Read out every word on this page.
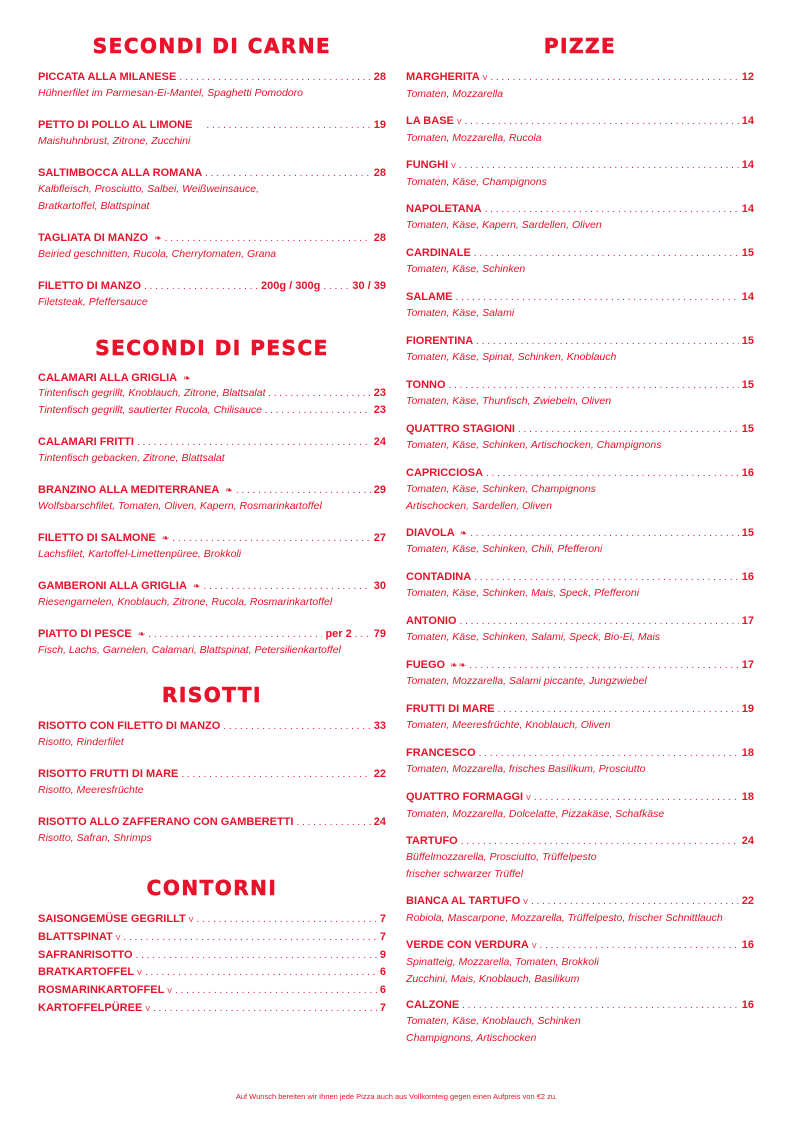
SECONDI DI CARNE
PICCATA ALLA MILANESE . . .	28
Hühnerfilet im Parmesan-Ei-Mantel, Spaghetti Pomodoro
PETTO DI POLLO AL LIMONE . . .	19
Maishuhnbrust, Zitrone, Zucchini
SALTIMBOCCA ALLA ROMANA . . .	28
Kalbfleisch, Prosciutto, Salbei, Weißweinsauce,
Bratkartoffel, Blattspinat
TAGLIATA DI MANZO ❧ . . .	28
Beiried geschnitten, Rucola, Cherrytomaten, Grana
FILETTO DI MANZO . . .	200g / 300g . . .	30 / 39
Filetsteak, Pfeffersauce
SECONDI DI PESCE
CALAMARI ALLA GRIGLIA ❧
Tintenfisch gegrillt, Knoblauch, Zitrone, Blattsalat . . .	23
Tintenfisch gegrillt, sautierter Rucola, Chilisauce . . .	23
CALAMARI FRITTI . . .	24
Tintenfisch gebacken, Zitrone, Blattsalat
BRANZINO ALLA MEDITERRANEA ❧ . . .	29
Wolfsbarschfilet, Tomaten, Oliven, Kapern, Rosmarinkartoffel
FILETTO DI SALMONE ❧ . . .	27
Lachsfilet, Kartoffel-Limettenpüree, Brokkoli
GAMBERONI ALLA GRIGLIA ❧ . . .	30
Riesengarnelen, Knoblauch, Zitrone, Rucola, Rosmarinkartoffel
PIATTO DI PESCE ❧ . . .	per 2 . . . 79
Fisch, Lachs, Garnelen, Calamari, Blattspinat, Petersilienkartoffel
RISOTTI
RISOTTO CON FILETTO DI MANZO . . .	33
Risotto, Rinderfilet
RISOTTO FRUTTI DI MARE . . .	22
Risotto, Meeresfrüchte
RISOTTO ALLO ZAFFERANO CON GAMBERETTI . . .	24
Risotto, Safran, Shrimps
CONTORNI
SAISONGEMÜSE GEGRILLT V . . .	7
BLATTSPINAT V . . .	7
SAFRANRISOTTO . . .	9
BRATKARTOFFEL V . . .	6
ROSMARINKARTOFFEL V . . .	6
KARTOFFELPÜREE V . . .	7
PIZZE
MARGHERITA V . . .	12
Tomaten, Mozzarella
LA BASE V . . .	14
Tomaten, Mozzarella, Rucola
FUNGHI V . . .	14
Tomaten, Käse, Champignons
NAPOLETANA . . .	14
Tomaten, Käse, Kapern, Sardellen, Oliven
CARDINALE . . .	15
Tomaten, Käse, Schinken
SALAME . . .	14
Tomaten, Käse, Salami
FIORENTINA . . .	15
Tomaten, Käse, Spinat, Schinken, Knoblauch
TONNO . . .	15
Tomaten, Käse, Thunfisch, Zwiebeln, Oliven
QUATTRO STAGIONI . . .	15
Tomaten, Käse, Schinken, Artischocken, Champignons
CAPRICCIOSA . . .	16
Tomaten, Käse, Schinken, Champignons
Artischocken, Sardellen, Oliven
DIAVOLA ❧ . . .	15
Tomaten, Käse, Schinken, Chili, Pfefferoni
CONTADINA . . .	16
Tomaten, Käse, Schinken, Mais, Speck, Pfefferoni
ANTONIO . . .	17
Tomaten, Käse, Schinken, Salami, Speck, Bio-Ei, Mais
FUEGO ❧ ❧ . . .	17
Tomaten, Mozzarella, Salami piccante, Jungzwiebel
FRUTTI DI MARE . . .	19
Tomaten, Meeresfrüchte, Knoblauch, Oliven
FRANCESCO . . .	18
Tomaten, Mozzarella, frisches Basilikum, Prosciutto
QUATTRO FORMAGGI V . . .	18
Tomaten, Mozzarella, Dolcelatte, Pizzakäse, Schafkäse
TARTUFO . . .	24
Büffelmozzarella, Prosciutto, Trüffelpesto
frischer schwarzer Trüffel
BIANCA AL TARTUFO V . . .	22
Robiola, Mascarpone, Mozzarella, Trüffelpesto, frischer Schnittlauch
VERDE CON VERDURA V . . .	16
Spinatteig, Mozzarella, Tomaten, Brokkoli
Zucchini, Mais, Knoblauch, Basilikum
CALZONE . . .	16
Tomaten, Käse, Knoblauch, Schinken
Champignons, Artischocken
Auf Wunsch bereiten wir Ihnen jede Pizza auch aus Vollkornteig gegen einen Aufpreis von €2 zu.
